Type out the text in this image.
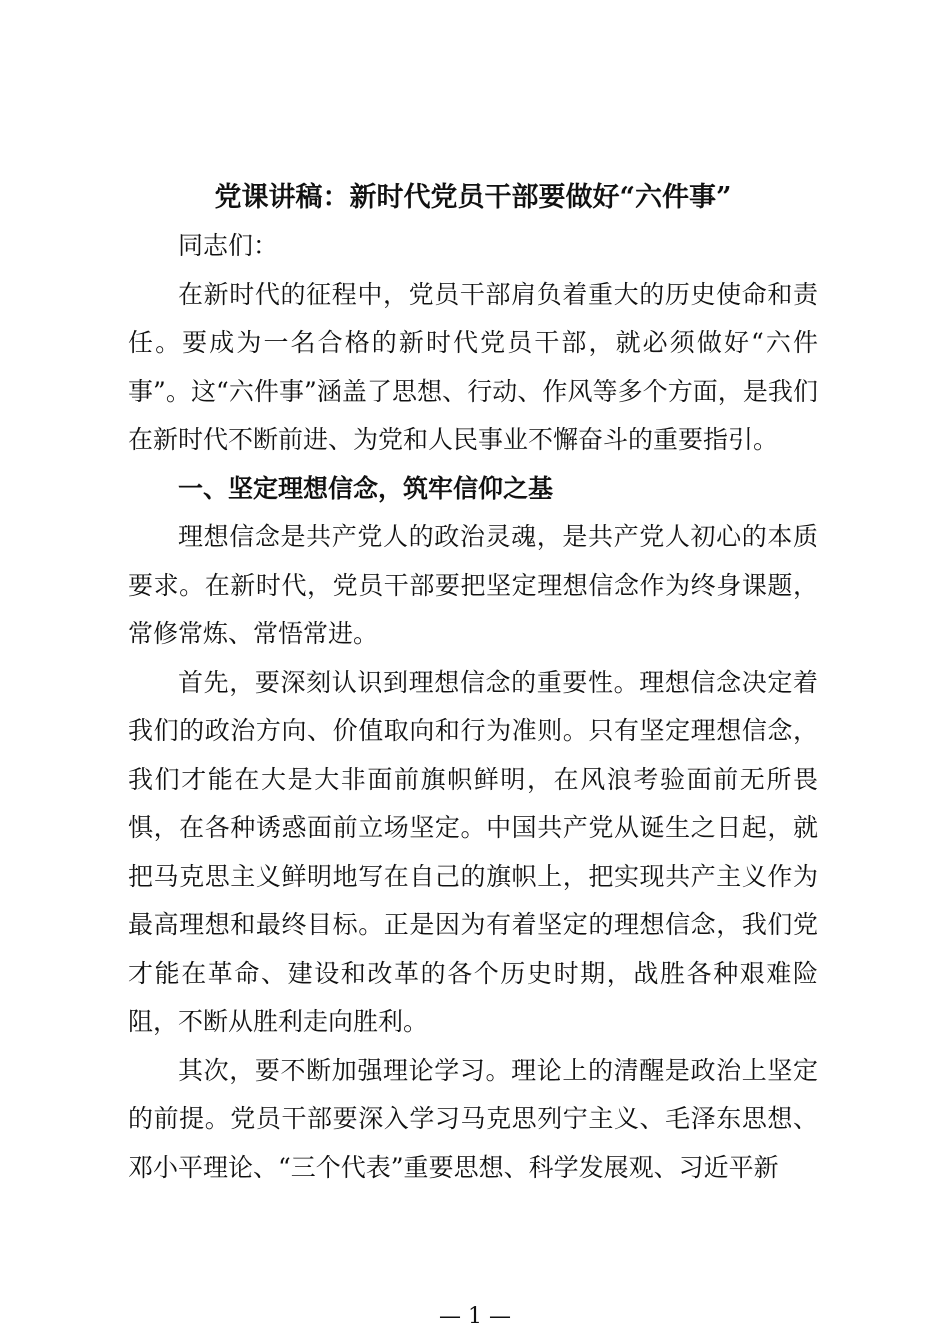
党课讲稿：新时代党员干部要做好“六件事”

同志们：

在新时代的征程中，党员干部肩负着重大的历史使命和责任。要成为一名合格的新时代党员干部，就必须做好“六件事”。这“六件事”涵盖了思想、行动、作风等多个方面，是我们在新时代不断前进、为党和人民事业不懈奋斗的重要指引。

一、坚定理想信念，筑牢信仰之基

理想信念是共产党人的政治灵魂，是共产党人初心的本质要求。在新时代，党员干部要把坚定理想信念作为终身课题，常修常炼、常悟常进。

首先，要深刻认识到理想信念的重要性。理想信念决定着我们的政治方向、价值取向和行为准则。只有坚定理想信念，我们才能在大是大非面前旗帜鲜明，在风浪考验面前无所畏惧，在各种诱惑面前立场坚定。中国共产党从诞生之日起，就把马克思主义鲜明地写在自己的旗帜上，把实现共产主义作为最高理想和最终目标。正是因为有着坚定的理想信念，我们党才能在革命、建设和改革的各个历史时期，战胜各种艰难险阻，不断从胜利走向胜利。

其次，要不断加强理论学习。理论上的清醒是政治上坚定的前提。党员干部要深入学习马克思列宁主义、毛泽东思想、邓小平理论、“三个代表”重要思想、科学发展观、习近平新

— 1 —
